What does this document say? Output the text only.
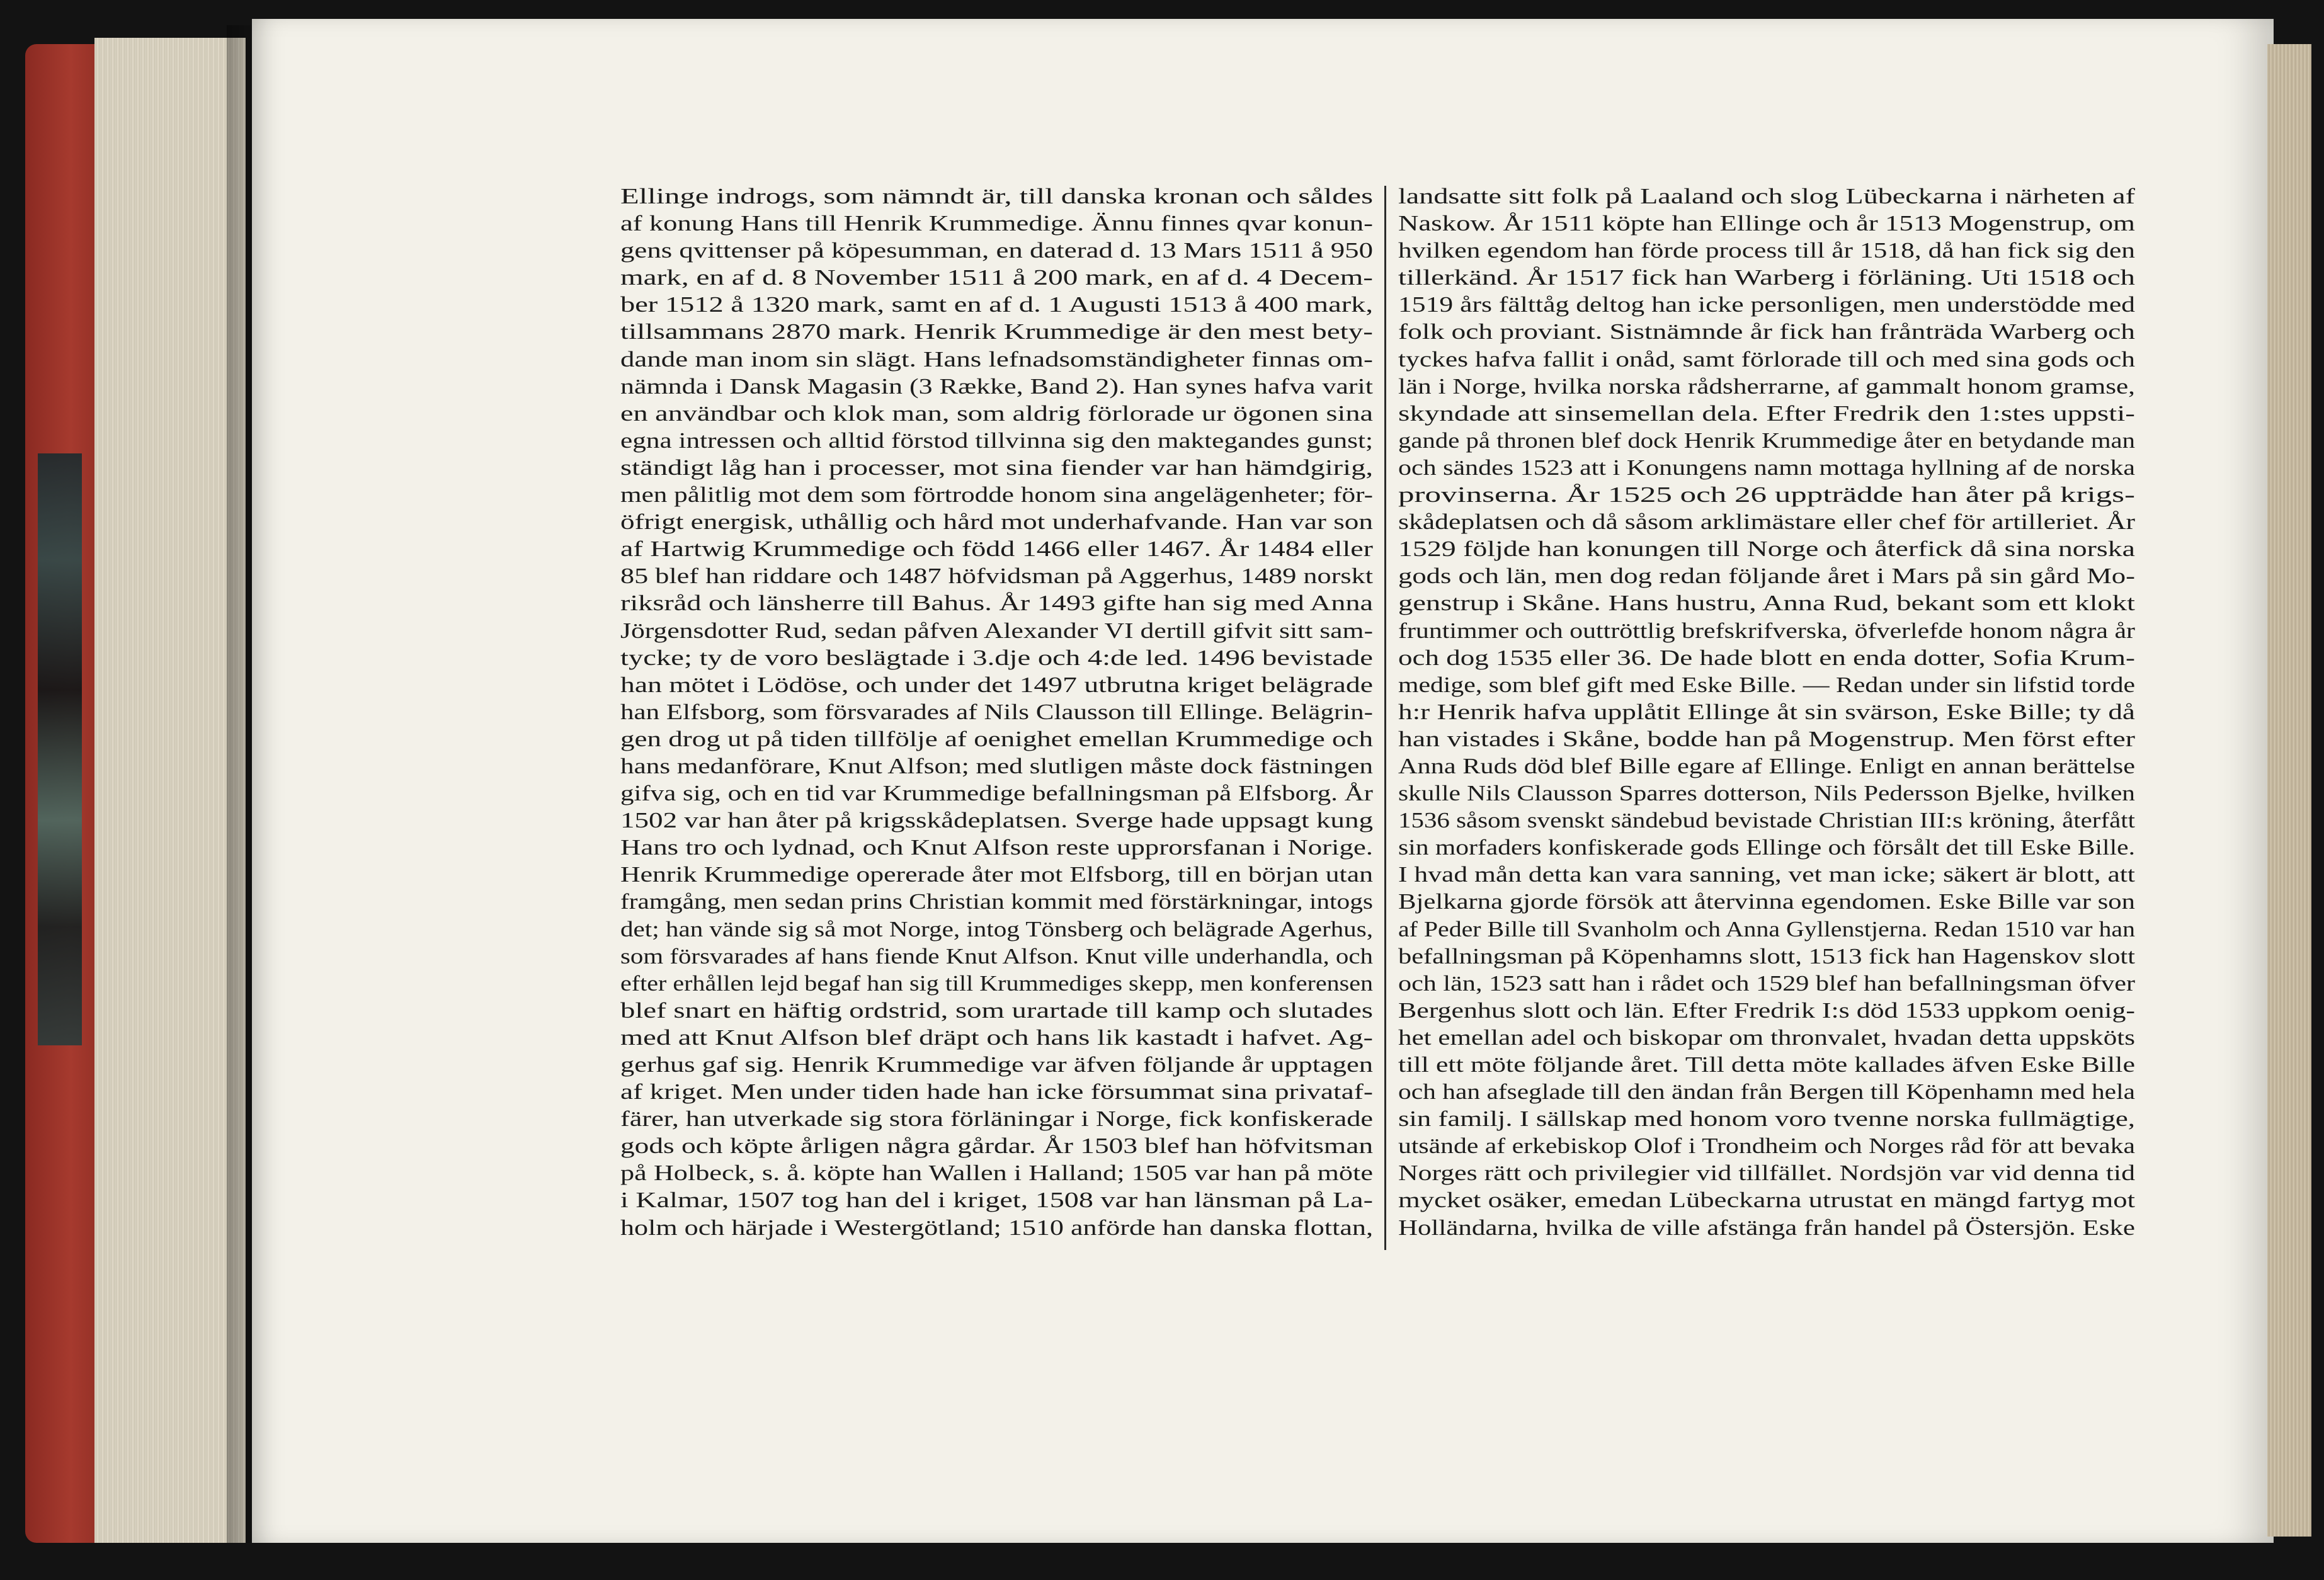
Ellinge indrogs, som nämndt är, till danska kronan och såldes
af konung Hans till Henrik Krummedige. Ännu finnes qvar konun-
gens qvittenser på köpesumman, en daterad d. 13 Mars 1511 å 950
mark, en af d. 8 November 1511 å 200 mark, en af d. 4 Decem-
ber 1512 å 1320 mark, samt en af d. 1 Augusti 1513 å 400 mark,
tillsammans 2870 mark. Henrik Krummedige är den mest bety-
dande man inom sin slägt. Hans lefnadsomständigheter finnas om-
nämnda i Dansk Magasin (3 Række, Band 2). Han synes hafva varit
en användbar och klok man, som aldrig förlorade ur ögonen sina
egna intressen och alltid förstod tillvinna sig den maktegandes gunst;
ständigt låg han i processer, mot sina fiender var han hämdgirig,
men pålitlig mot dem som förtrodde honom sina angelägenheter; för-
öfrigt energisk, uthållig och hård mot underhafvande. Han var son
af Hartwig Krummedige och född 1466 eller 1467. År 1484 eller
85 blef han riddare och 1487 höfvidsman på Aggerhus, 1489 norskt
riksråd och länsherre till Bahus. År 1493 gifte han sig med Anna
Jörgensdotter Rud, sedan påfven Alexander VI dertill gifvit sitt sam-
tycke; ty de voro beslägtade i 3.dje och 4:de led. 1496 bevistade
han mötet i Lödöse, och under det 1497 utbrutna kriget belägrade
han Elfsborg, som försvarades af Nils Clausson till Ellinge. Belägrin-
gen drog ut på tiden tillfölje af oenighet emellan Krummedige och
hans medanförare, Knut Alfson; med slutligen måste dock fästningen
gifva sig, och en tid var Krummedige befallningsman på Elfsborg. År
1502 var han åter på krigsskådeplatsen. Sverge hade uppsagt kung
Hans tro och lydnad, och Knut Alfson reste upprorsfanan i Norige.
Henrik Krummedige opererade åter mot Elfsborg, till en början utan
framgång, men sedan prins Christian kommit med förstärkningar, intogs
det; han vände sig så mot Norge, intog Tönsberg och belägrade Agerhus,
som försvarades af hans fiende Knut Alfson. Knut ville underhandla, och
efter erhållen lejd begaf han sig till Krummediges skepp, men konferensen
blef snart en häftig ordstrid, som urartade till kamp och slutades
med att Knut Alfson blef dräpt och hans lik kastadt i hafvet. Ag-
gerhus gaf sig. Henrik Krummedige var äfven följande år upptagen
af kriget. Men under tiden hade han icke försummat sina privataf-
färer, han utverkade sig stora förläningar i Norge, fick konfiskerade
gods och köpte årligen några gårdar. År 1503 blef han höfvitsman
på Holbeck, s. å. köpte han Wallen i Halland; 1505 var han på möte
i Kalmar, 1507 tog han del i kriget, 1508 var han länsman på La-
holm och härjade i Westergötland; 1510 anförde han danska flottan,
landsatte sitt folk på Laaland och slog Lübeckarna i närheten af
Naskow. År 1511 köpte han Ellinge och år 1513 Mogenstrup, om
hvilken egendom han förde process till år 1518, då han fick sig den
tillerkänd. År 1517 fick han Warberg i förläning. Uti 1518 och
1519 års fälttåg deltog han icke personligen, men understödde med
folk och proviant. Sistnämnde år fick han frånträda Warberg och
tyckes hafva fallit i onåd, samt förlorade till och med sina gods och
län i Norge, hvilka norska rådsherrarne, af gammalt honom gramse,
skyndade att sinsemellan dela. Efter Fredrik den 1:stes uppsti-
gande på thronen blef dock Henrik Krummedige åter en betydande man
och sändes 1523 att i Konungens namn mottaga hyllning af de norska
provinserna. År 1525 och 26 uppträdde han åter på krigs-
skådeplatsen och då såsom arklimästare eller chef för artilleriet. År
1529 följde han konungen till Norge och återfick då sina norska
gods och län, men dog redan följande året i Mars på sin gård Mo-
genstrup i Skåne. Hans hustru, Anna Rud, bekant som ett klokt
fruntimmer och outtröttlig brefskrifverska, öfverlefde honom några år
och dog 1535 eller 36. De hade blott en enda dotter, Sofia Krum-
medige, som blef gift med Eske Bille. — Redan under sin lifstid torde
h:r Henrik hafva upplåtit Ellinge åt sin svärson, Eske Bille; ty då
han vistades i Skåne, bodde han på Mogenstrup. Men först efter
Anna Ruds död blef Bille egare af Ellinge. Enligt en annan berättelse
skulle Nils Clausson Sparres dotterson, Nils Pedersson Bjelke, hvilken
1536 såsom svenskt sändebud bevistade Christian III:s kröning, återfått
sin morfaders konfiskerade gods Ellinge och försålt det till Eske Bille.
I hvad mån detta kan vara sanning, vet man icke; säkert är blott, att
Bjelkarna gjorde försök att återvinna egendomen. Eske Bille var son
af Peder Bille till Svanholm och Anna Gyllenstjerna. Redan 1510 var han
befallningsman på Köpenhamns slott, 1513 fick han Hagenskov slott
och län, 1523 satt han i rådet och 1529 blef han befallningsman öfver
Bergenhus slott och län. Efter Fredrik I:s död 1533 uppkom oenig-
het emellan adel och biskopar om thronvalet, hvadan detta uppsköts
till ett möte följande året. Till detta möte kallades äfven Eske Bille
och han afseglade till den ändan från Bergen till Köpenhamn med hela
sin familj. I sällskap med honom voro tvenne norska fullmägtige,
utsände af erkebiskop Olof i Trondheim och Norges råd för att bevaka
Norges rätt och privilegier vid tillfället. Nordsjön var vid denna tid
mycket osäker, emedan Lübeckarna utrustat en mängd fartyg mot
Holländarna, hvilka de ville afstänga från handel på Östersjön. Eske
